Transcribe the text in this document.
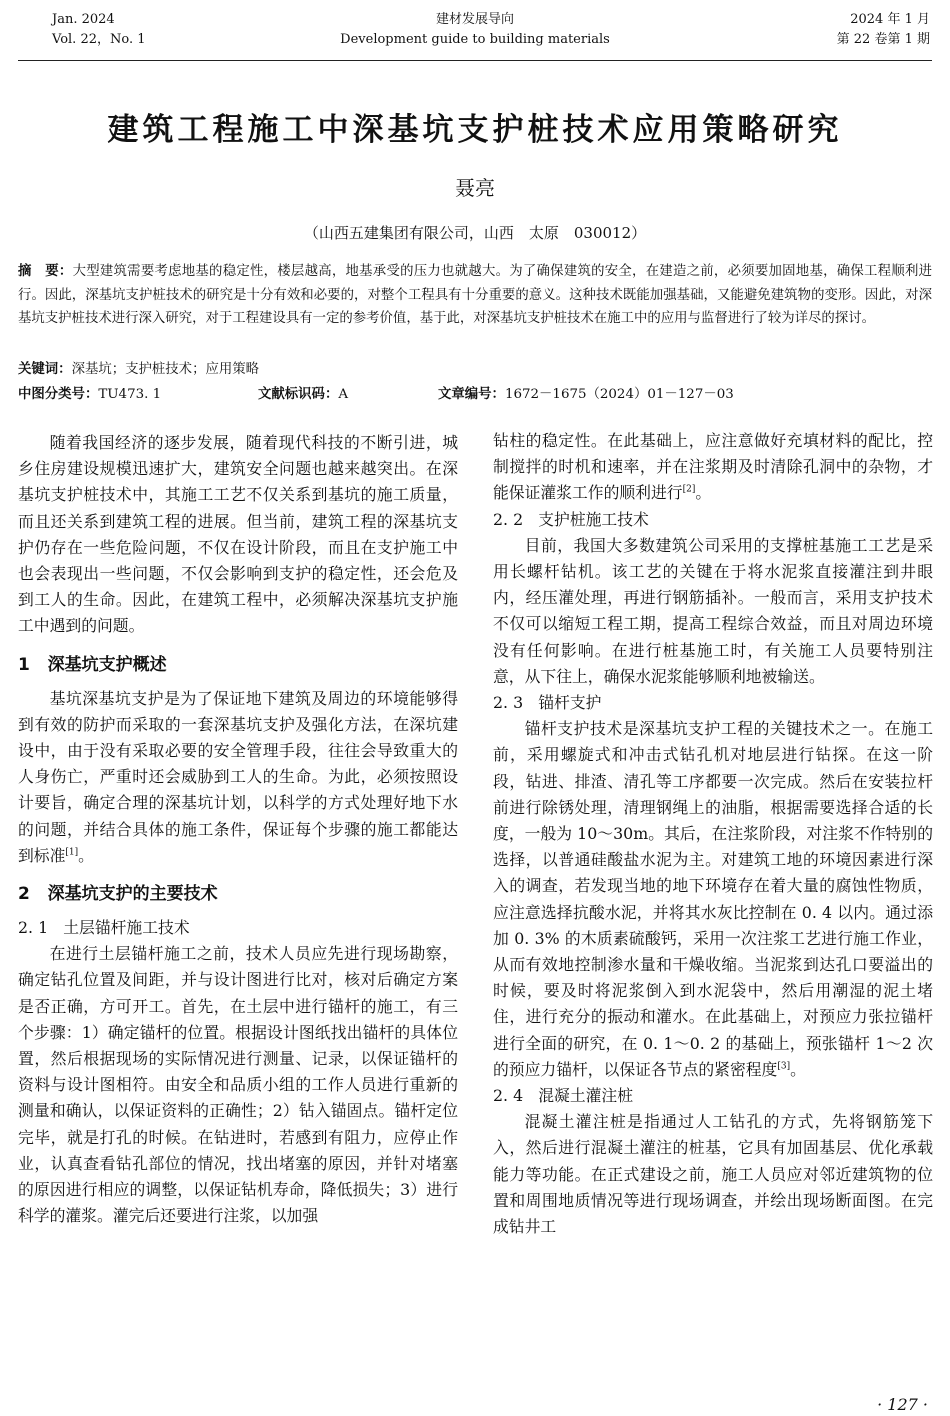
Jan. 2024
Vol. 22，No. 1
建材发展导向
Development guide to building materials
2024 年 1 月
第 22 卷第 1 期
建筑工程施工中深基坑支护桩技术应用策略研究
聂亮
（山西五建集团有限公司，山西　太原　030012）
摘　要：大型建筑需要考虑地基的稳定性，楼层越高，地基承受的压力也就越大。为了确保建筑的安全，在建造之前，必须要加固地基，确保工程顺利进行。因此，深基坑支护桩技术的研究是十分有效和必要的，对整个工程具有十分重要的意义。这种技术既能加强基础，又能避免建筑物的变形。因此，对深基坑支护桩技术进行深入研究，对于工程建设具有一定的参考价值，基于此，对深基坑支护桩技术在施工中的应用与监督进行了较为详尽的探讨。
关键词：深基坑；支护桩技术；应用策略
中图分类号：TU473. 1	文献标识码：A	文章编号：1672－1675（2024）01－127－03

随着我国经济的逐步发展，随着现代科技的不断引进，城乡住房建设规模迅速扩大，建筑安全问题也越来越突出。在深基坑支护桩技术中，其施工工艺不仅关系到基坑的施工质量，而且还关系到建筑工程的进展。但当前，建筑工程的深基坑支护仍存在一些危险问题，不仅在设计阶段，而且在支护施工中也会表现出一些问题，不仅会影响到支护的稳定性，还会危及到工人的生命。因此，在建筑工程中，必须解决深基坑支护施工中遇到的问题。

1 深基坑支护概述

基坑深基坑支护是为了保证地下建筑及周边的环境能够得到有效的防护而采取的一套深基坑支护及强化方法，在深坑建设中，由于没有采取必要的安全管理手段，往往会导致重大的人身伤亡，严重时还会威胁到工人的生命。为此，必须按照设计要旨，确定合理的深基坑计划，以科学的方式处理好地下水的问题，并结合具体的施工条件，保证每个步骤的施工都能达到标准[1]。

2 深基坑支护的主要技术
2. 1 土层锚杆施工技术

在进行土层锚杆施工之前，技术人员应先进行现场勘察，确定钻孔位置及间距，并与设计图进行比对，核对后确定方案是否正确，方可开工。首先，在土层中进行锚杆的施工，有三个步骤：1）确定锚杆的位置。根据设计图纸找出锚杆的具体位置，然后根据现场的实际情况进行测量、记录，以保证锚杆的资料与设计图相符。由安全和品质小组的工作人员进行重新的测量和确认，以保证资料的正确性；2）钻入锚固点。锚杆定位完毕，就是打孔的时候。在钻进时，若感到有阻力，应停止作业，认真查看钻孔部位的情况，找出堵塞的原因，并针对堵塞的原因进行相应的调整，以保证钻机寿命，降低损失；3）进行科学的灌浆。灌完后还要进行注浆，以加强

钻柱的稳定性。在此基础上，应注意做好充填材料的配比，控制搅拌的时机和速率，并在注浆期及时清除孔洞中的杂物，才能保证灌浆工作的顺利进行[2]。

2. 2 支护桩施工技术

目前，我国大多数建筑公司采用的支撑桩基施工工艺是采用长螺杆钻机。该工艺的关键在于将水泥浆直接灌注到井眼内，经压灌处理，再进行钢筋插补。一般而言，采用支护技术不仅可以缩短工程工期，提高工程综合效益，而且对周边环境没有任何影响。在进行桩基施工时，有关施工人员要特别注意，从下往上，确保水泥浆能够顺利地被输送。

2. 3 锚杆支护

锚杆支护技术是深基坑支护工程的关键技术之一。在施工前，采用螺旋式和冲击式钻孔机对地层进行钻探。在这一阶段，钻进、排渣、清孔等工序都要一次完成。然后在安装拉杆前进行除锈处理，清理钢绳上的油脂，根据需要选择合适的长度，一般为 10～30m。其后，在注浆阶段，对注浆不作特别的选择，以普通硅酸盐水泥为主。对建筑工地的环境因素进行深入的调查，若发现当地的地下环境存在着大量的腐蚀性物质，应注意选择抗酸水泥，并将其水灰比控制在 0. 4 以内。通过添加 0. 3% 的木质素硫酸钙，采用一次注浆工艺进行施工作业，从而有效地控制渗水量和干燥收缩。当泥浆到达孔口要溢出的时候，要及时将泥浆倒入到水泥袋中，然后用潮湿的泥土堵住，进行充分的振动和灌水。在此基础上，对预应力张拉锚杆进行全面的研究，在 0. 1～0. 2 的基础上，预张锚杆 1～2 次的预应力锚杆，以保证各节点的紧密程度[3]。

2. 4 混凝土灌注桩

混凝土灌注桩是指通过人工钻孔的方式，先将钢筋笼下入，然后进行混凝土灌注的桩基，它具有加固基层、优化承载能力等功能。在正式建设之前，施工人员应对邻近建筑物的位置和周围地质情况等进行现场调查，并绘出现场断面图。在完成钻井工

· 127 ·
